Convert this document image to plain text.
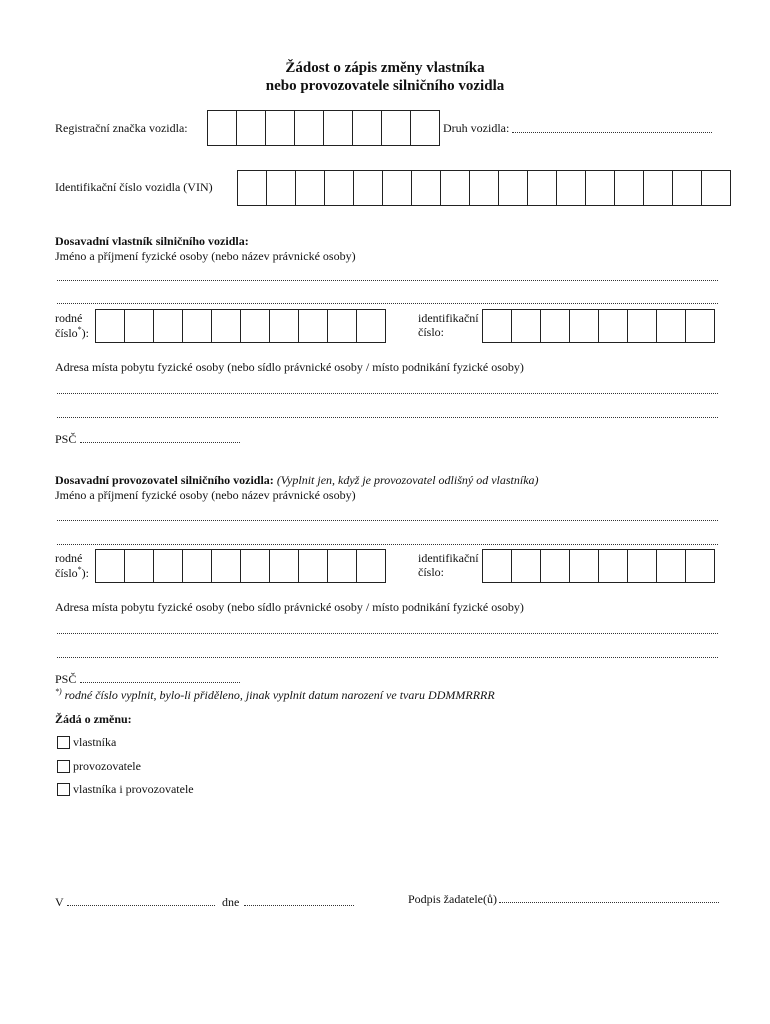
Žádost o zápis změny vlastníka
nebo provozovatele silničního vozidla
Registrační značka vozidla:	Druh vozidla:
Identifikační číslo vozidla (VIN)
Dosavadní vlastník silničního vozidla:
Jméno a příjmení fyzické osoby (nebo název právnické osoby)
rodné
číslo*):
identifikační
číslo:
Adresa místa pobytu fyzické osoby (nebo sídlo právnické osoby / místo podnikání fyzické osoby)
PSČ
Dosavadní provozovatel silničního vozidla: (Vyplnit jen, když je provozovatel odlišný od vlastníka)
Jméno a příjmení fyzické osoby (nebo název právnické osoby)
rodné
číslo*):
identifikační
číslo:
Adresa místa pobytu fyzické osoby (nebo sídlo právnické osoby / místo podnikání fyzické osoby)
PSČ
*) rodné číslo vyplnit, bylo-li přiděleno, jinak vyplnit datum narození ve tvaru DDMMRRRR
Žádá o změnu:
vlastníka
provozovatele
vlastníka i provozovatele
V	dne	Podpis žadatele(ů)
